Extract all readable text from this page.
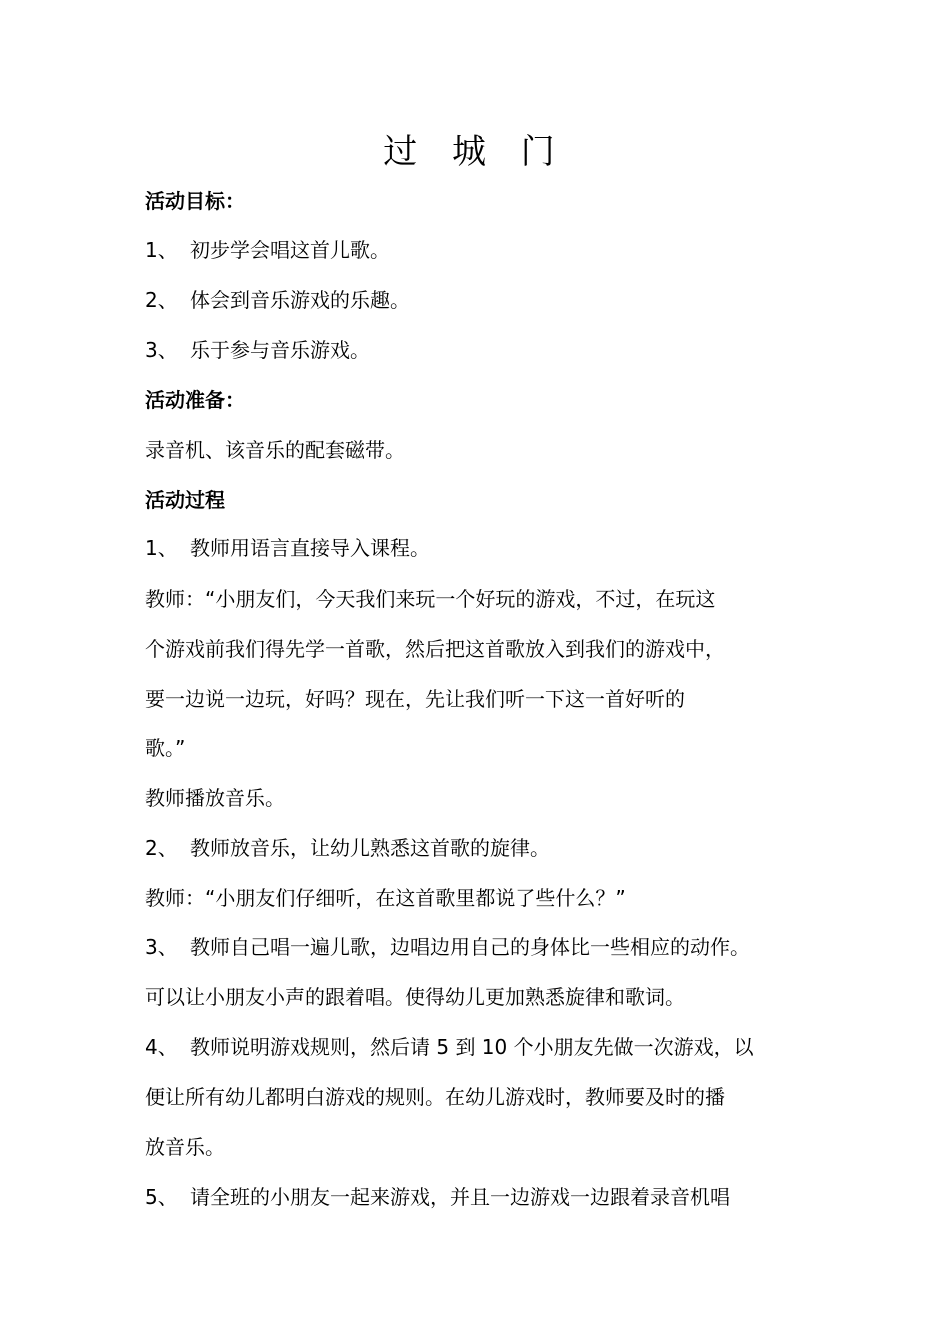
过 城 门
活动目标：
1、 初步学会唱这首儿歌。
2、 体会到音乐游戏的乐趣。
3、 乐于参与音乐游戏。
活动准备：
录音机、该音乐的配套磁带。
活动过程
1、 教师用语言直接导入课程。
教师：“小朋友们，今天我们来玩一个好玩的游戏，不过，在玩这
个游戏前我们得先学一首歌，然后把这首歌放入到我们的游戏中，
要一边说一边玩，好吗？现在，先让我们听一下这一首好听的
歌。”
教师播放音乐。
2、 教师放音乐，让幼儿熟悉这首歌的旋律。
教师：“小朋友们仔细听，在这首歌里都说了些什么？”
3、 教师自己唱一遍儿歌，边唱边用自己的身体比一些相应的动作。
可以让小朋友小声的跟着唱。使得幼儿更加熟悉旋律和歌词。
4、 教师说明游戏规则，然后请 5 到 10 个小朋友先做一次游戏，以
便让所有幼儿都明白游戏的规则。在幼儿游戏时，教师要及时的播
放音乐。
5、 请全班的小朋友一起来游戏，并且一边游戏一边跟着录音机唱
